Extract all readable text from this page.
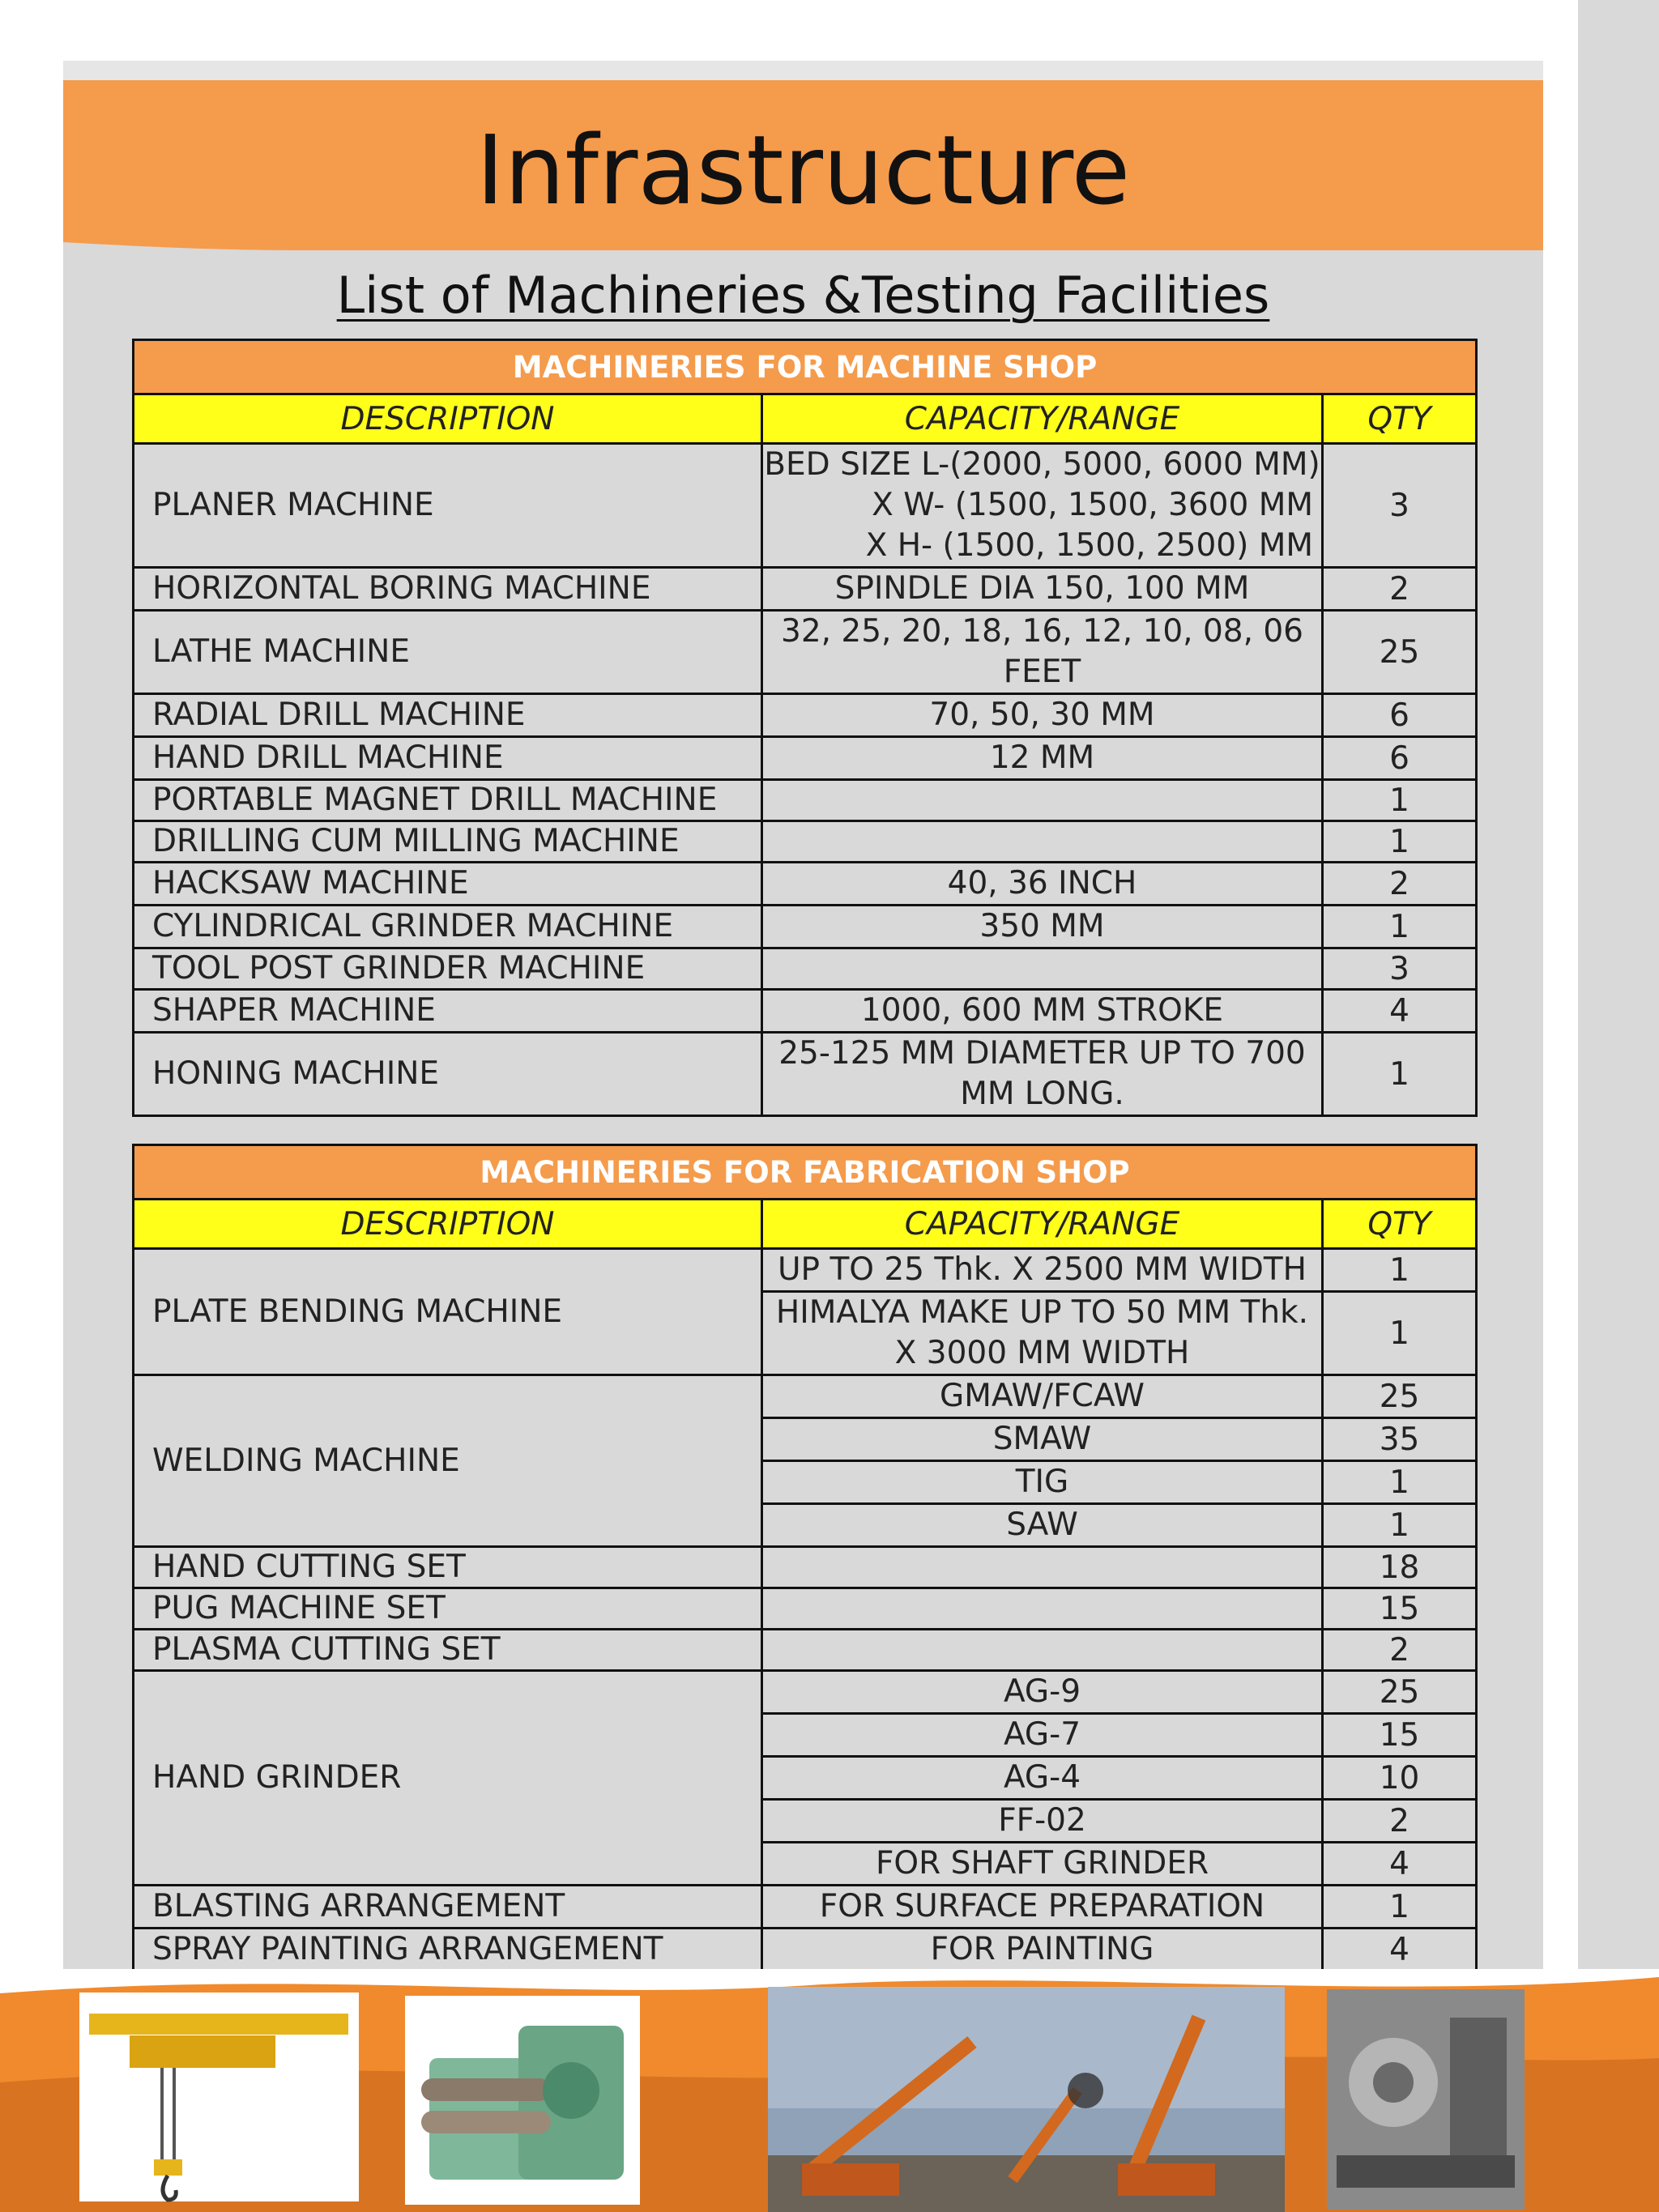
Infrastructure
List of Machineries &Testing Facilities
MACHINERIES FOR MACHINE SHOP		
DESCRIPTION	CAPACITY/RANGE	QTY
PLANER MACHINE	BED SIZE L-(2000, 5000, 6000 MM)
X W- (1500, 1500, 3600 MM
X H- (1500, 1500, 2500) MM	3
HORIZONTAL BORING MACHINE	SPINDLE DIA 150, 100 MM	2
LATHE MACHINE	32, 25, 20, 18, 16, 12, 10, 08, 06
FEET	25
RADIAL DRILL MACHINE	70, 50, 30 MM	6
HAND DRILL MACHINE	12 MM	6
PORTABLE MAGNET DRILL MACHINE		1
DRILLING CUM MILLING MACHINE		1
HACKSAW MACHINE	40, 36 INCH	2
CYLINDRICAL GRINDER MACHINE	350 MM	1
TOOL POST GRINDER MACHINE		3
SHAPER MACHINE	1000, 600 MM STROKE	4
HONING MACHINE	25-125 MM DIAMETER UP TO 700
MM LONG.	1
MACHINERIES FOR FABRICATION SHOP		
DESCRIPTION	CAPACITY/RANGE	QTY
PLATE BENDING MACHINE	UP TO 25 Thk. X 2500 MM WIDTH	1

	HIMALYA MAKE UP TO 50 MM Thk.
X 3000 MM WIDTH	1
WELDING MACHINE	GMAW/FCAW	25
	SMAW	35
	TIG	1
	SAW	1
HAND CUTTING SET		18
PUG MACHINE SET		15
PLASMA CUTTING SET		2
HAND GRINDER	AG-9	25
	AG-7	15
	AG-4	10
	FF-02	2
	FOR SHAFT GRINDER	4
BLASTING ARRANGEMENT	FOR SURFACE PREPARATION	1
SPRAY PAINTING ARRANGEMENT	FOR PAINTING	4
